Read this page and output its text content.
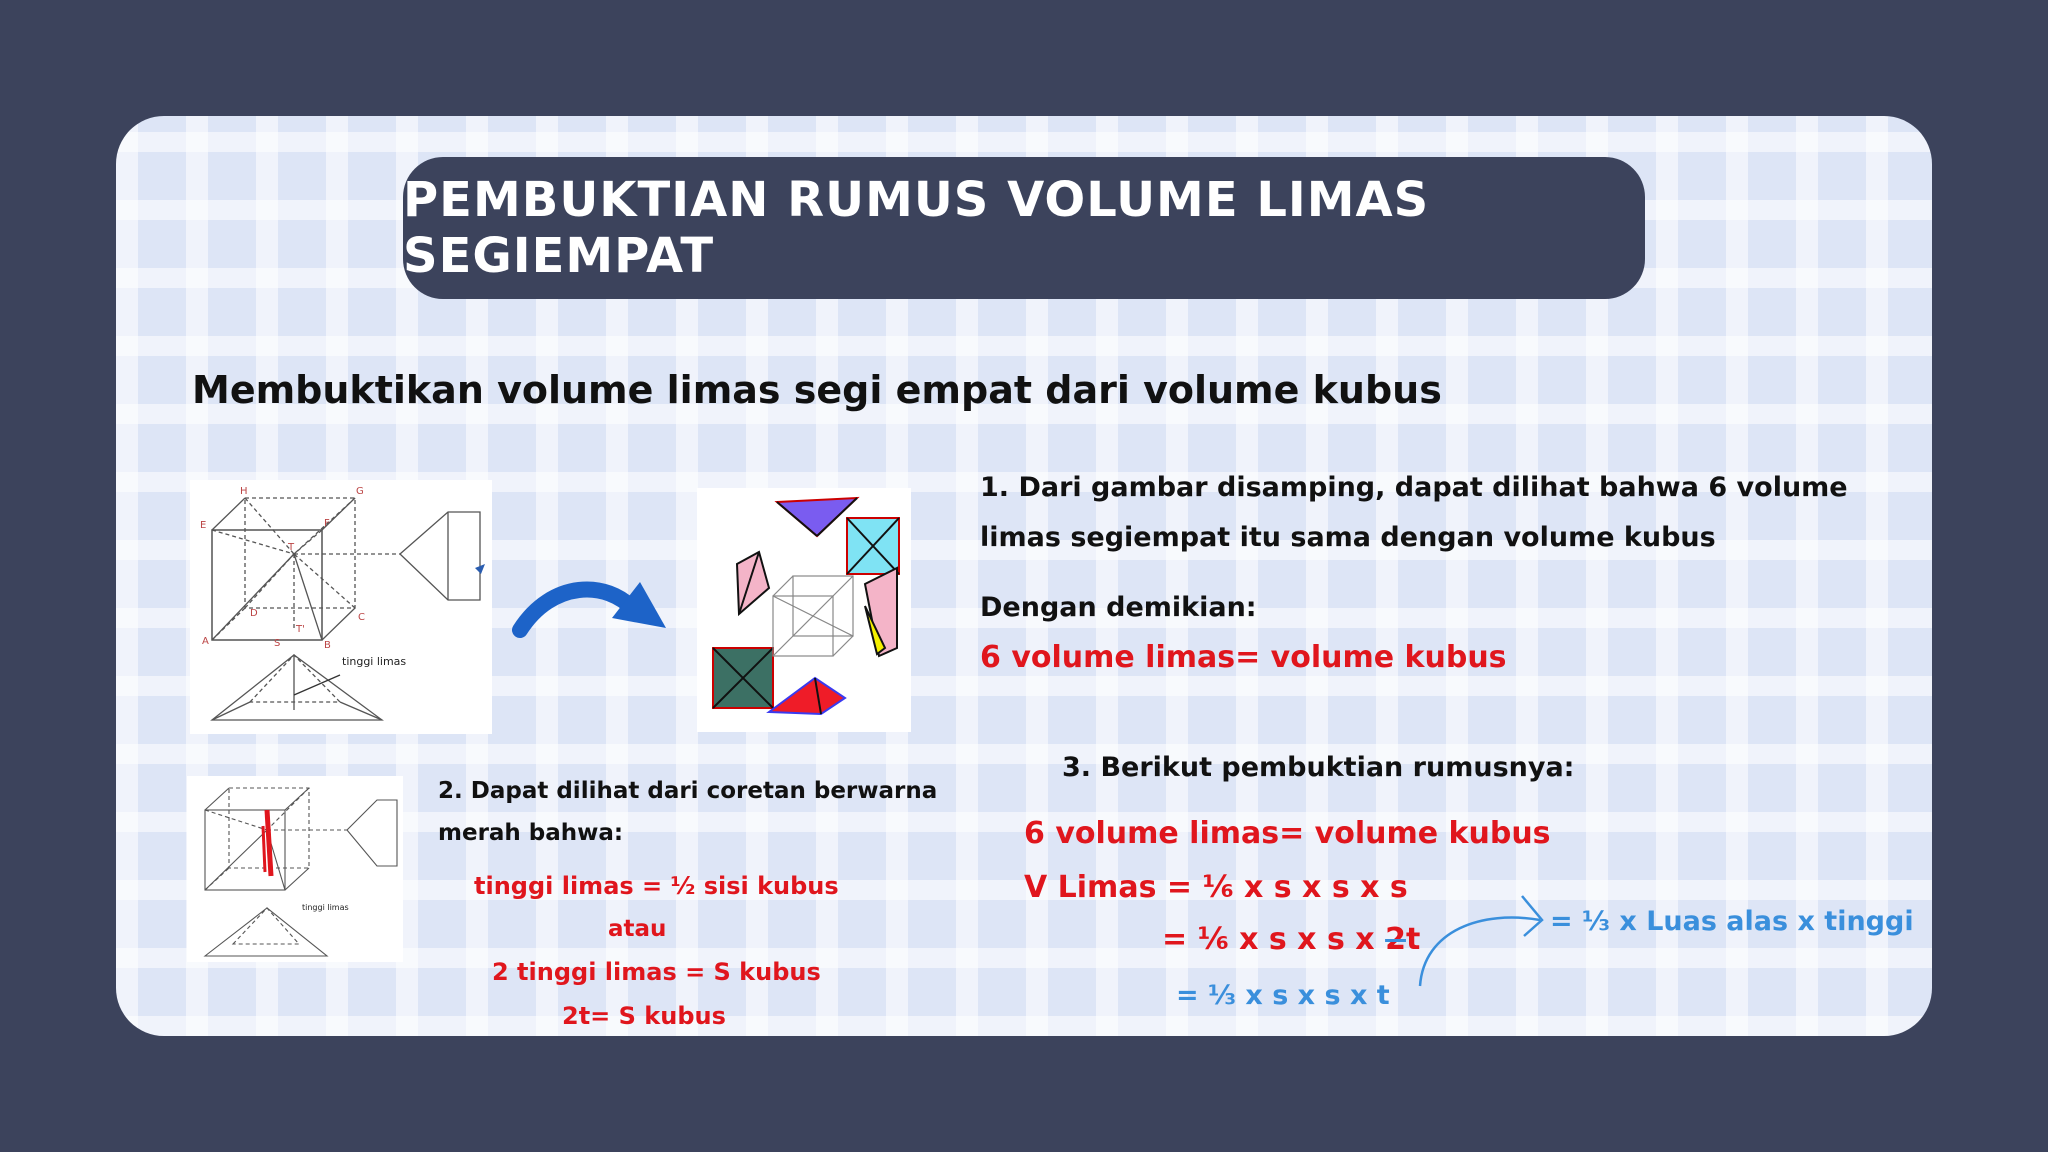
PEMBUKTIAN RUMUS VOLUME LIMAS SEGIEMPAT
Membuktikan volume limas segi empat dari volume kubus
H	G
E	F
T
D	C
A	S	B
T'
tinggi limas
1. Dari gambar disamping, dapat dilihat bahwa 6 volume
limas segiempat itu sama dengan volume kubus
Dengan demikian:
6 volume limas= volume kubus
tinggi limas
2. Dapat dilihat dari coretan berwarna
merah bahwa:
tinggi limas = ½ sisi kubus
atau
2 tinggi limas = S kubus
2t= S kubus
3. Berikut pembuktian rumusnya:
6 volume limas= volume kubus
V Limas = ⅙ x s x s x s
= ⅙ x s x s x 2t
= ⅓ x s x s x t
= ⅓ x Luas alas x tinggi
